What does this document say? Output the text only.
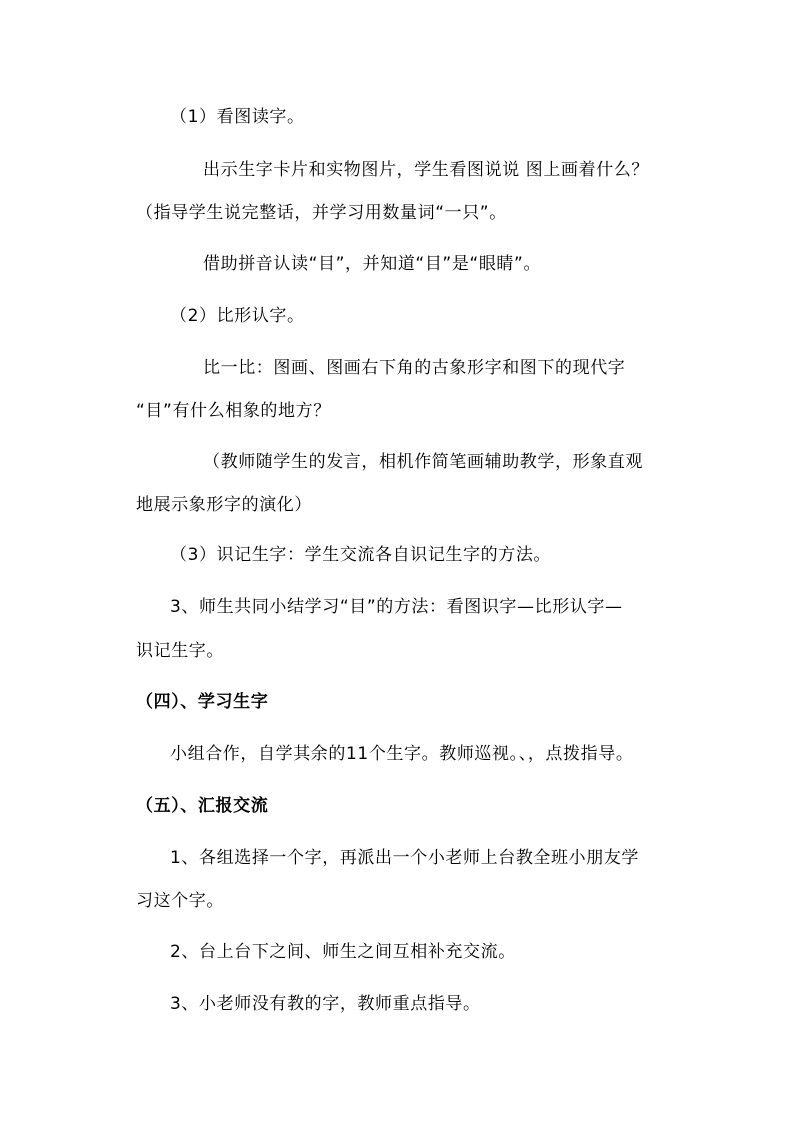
（1）看图读字。
出示生字卡片和实物图片，学生看图说说 图上画着什么？
（指导学生说完整话，并学习用数量词“一只”。
借助拼音认读“目”，并知道“目”是“眼睛”。
（2）比形认字。
比一比：图画、图画右下角的古象形字和图下的现代字
“目”有什么相象的地方？
（教师随学生的发言，相机作简笔画辅助教学，形象直观
地展示象形字的演化）
（3）识记生字：学生交流各自识记生字的方法。
3、师生共同小结学习“目”的方法：看图识字—比形认字—
识记生字。
（四）、学习生字
小组合作，自学其余的11个生字。教师巡视。、，点拨指导。
（五）、汇报交流
1、各组选择一个字，再派出一个小老师上台教全班小朋友学
习这个字。
2、台上台下之间、师生之间互相补充交流。
3、小老师没有教的字，教师重点指导。
